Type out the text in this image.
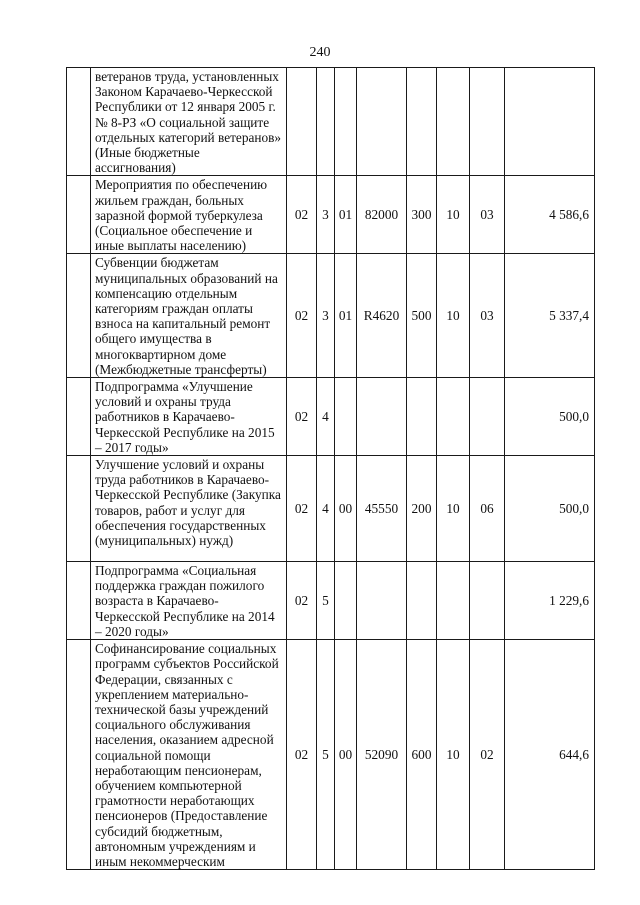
240
	ветеранов труда, установленных Законом Карачаево-Черкесской Республики от 12 января 2005 г. № 8-РЗ «О социальной защите отдельных категорий ветеранов» (Иные бюджетные ассигнования)								
	Мероприятия по обеспечению жильем граждан, больных заразной формой туберкулеза (Социальное обеспечение и иные выплаты населению)	02	3	01	82000	300	10	03	4 586,6
	Субвенции бюджетам муниципальных образований на компенсацию отдельным категориям граждан оплаты взноса на капитальный ремонт общего имущества в многоквартирном доме (Межбюджетные трансферты)	02	3	01	R4620	500	10	03	5 337,4
	Подпрограмма «Улучшение условий и охраны труда работников в Карачаево-Черкесской Республике на 2015 – 2017 годы»	02	4						500,0
	Улучшение условий и охраны труда работников в Карачаево-Черкесской Республике (Закупка товаров, работ и услуг для обеспечения государственных (муниципальных) нужд)	02	4	00	45550	200	10	06	500,0
	Подпрограмма «Социальная поддержка граждан пожилого возраста в Карачаево-Черкесской Республике на 2014 – 2020 годы»	02	5						1 229,6
	Софинансирование социальных программ субъектов Российской Федерации, связанных с укреплением материально-технической базы учреждений социального обслуживания населения, оказанием адресной социальной помощи неработающим пенсионерам, обучением компьютерной грамотности неработающих пенсионеров (Предоставление субсидий бюджетным, автономным учреждениям и иным некоммерческим	02	5	00	52090	600	10	02	644,6
